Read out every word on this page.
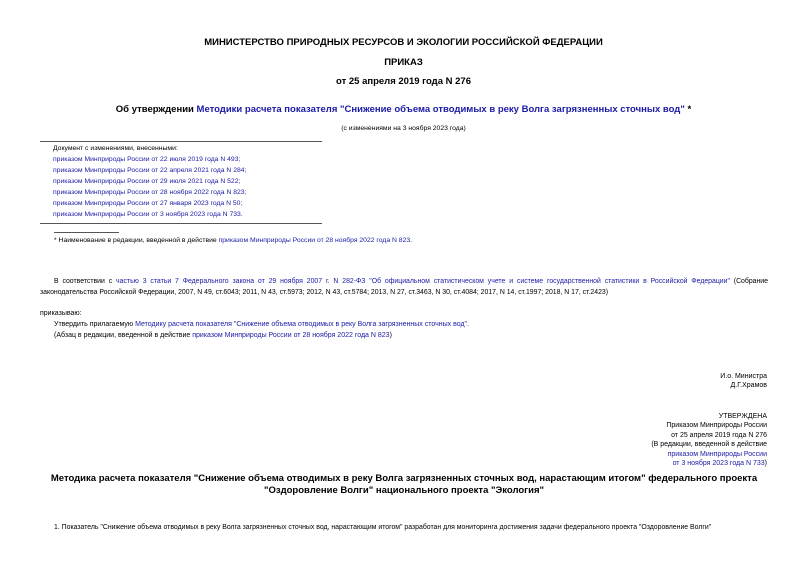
МИНИСТЕРСТВО ПРИРОДНЫХ РЕСУРСОВ И ЭКОЛОГИИ РОССИЙСКОЙ ФЕДЕРАЦИИ
ПРИКАЗ
от 25 апреля 2019 года N 276
Об утверждении Методики расчета показателя "Снижение объема отводимых в реку Волга загрязненных сточных вод" *
(с изменениями на 3 ноября 2023 года)
Документ с изменениями, внесенными:
приказом Минприроды России от 22 июля 2019 года N 493;
приказом Минприроды России от 22 апреля 2021 года N 284;
приказом Минприроды России от 29 июля 2021 года N 522;
приказом Минприроды России от 28 ноября 2022 года N 823;
приказом Минприроды России от 27 января 2023 года N 50;
приказом Минприроды России от 3 ноября 2023 года N 733.
* Наименование в редакции, введенной в действие приказом Минприроды России от 28 ноября 2022 года N 823.
В соответствии с частью 3 статьи 7 Федерального закона от 29 ноября 2007 г. N 282-ФЗ "Об официальном статистическом учете и системе государственной статистики в Российской Федерации" (Собрание законодательства Российской Федерации, 2007, N 49, ст.6043; 2011, N 43, ст.5973; 2012, N 43, ст.5784; 2013, N 27, ст.3463, N 30, ст.4084; 2017, N 14, ст.1997; 2018, N 17, ст.2423)
приказываю:
Утвердить прилагаемую Методику расчета показателя "Снижение объема отводимых в реку Волга загрязненных сточных вод".
(Абзац в редакции, введенной в действие приказом Минприроды России от 28 ноября 2022 года N 823)
И.о. Министра
Д.Г.Храмов
УТВЕРЖДЕНА
Приказом Минприроды России
от 25 апреля 2019 года N 276
(В редакции, введенной в действие
приказом Минприроды России
от 3 ноября 2023 года N 733)
Методика расчета показателя "Снижение объема отводимых в реку Волга загрязненных сточных вод, нарастающим итогом" федерального проекта "Оздоровление Волги" национального проекта "Экология"
1. Показатель "Снижение объема отводимых в реку Волга загрязненных сточных вод, нарастающим итогом" разработан для мониторинга достижения задачи федерального проекта "Оздоровление Волги"
